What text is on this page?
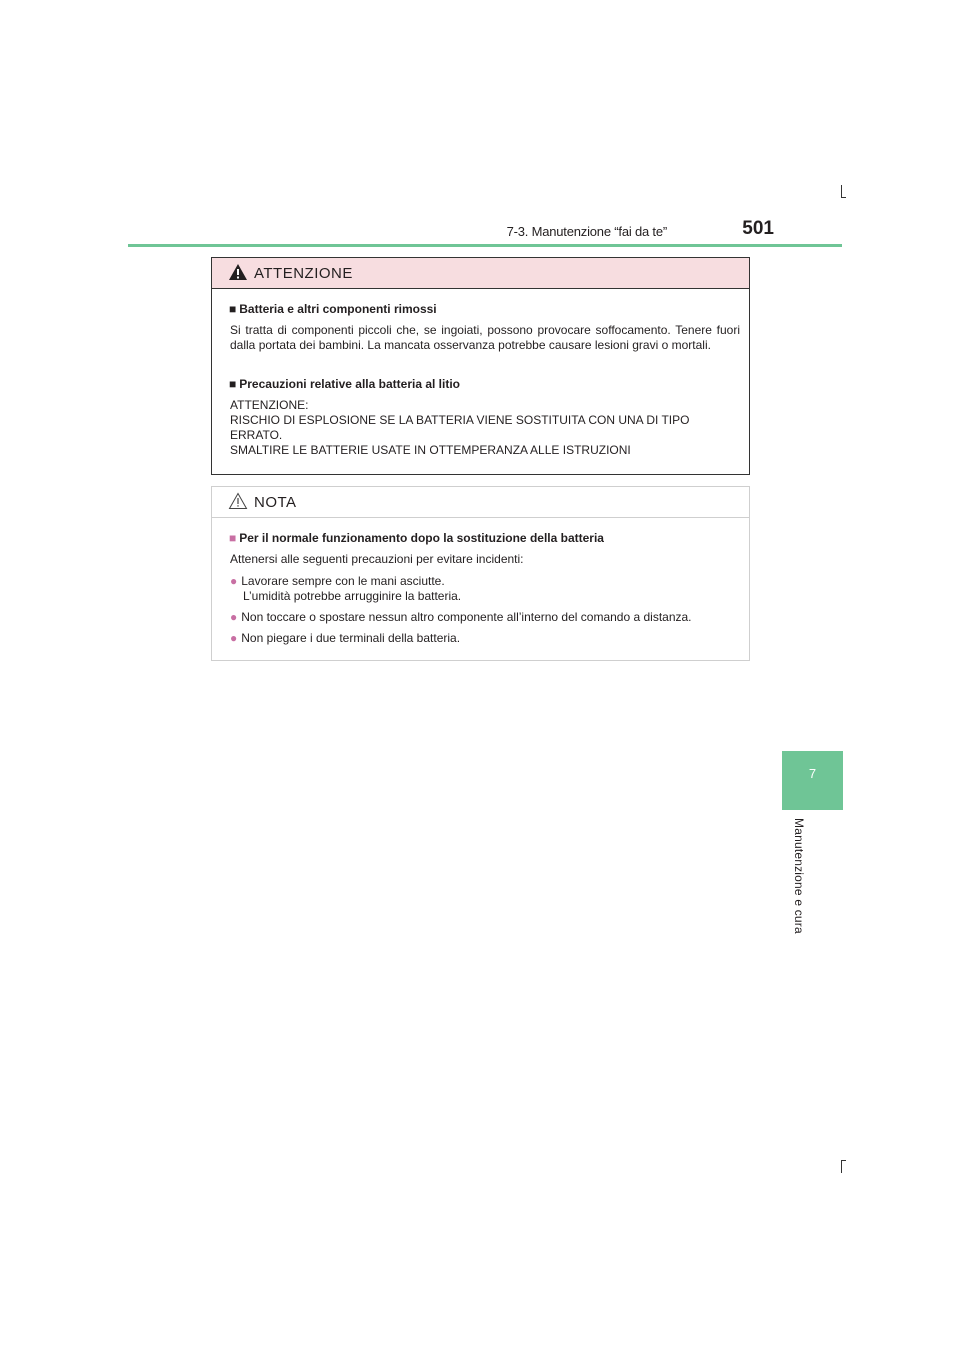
7-3. Manutenzione “fai da te”	501
7
Manutenzione e cura
ATTENZIONE
■ Batteria e altri componenti rimossi
Si tratta di componenti piccoli che, se ingoiati, possono provocare soffocamento. Tenere fuori dalla portata dei bambini. La mancata osservanza potrebbe causare lesioni gravi o mortali.
■ Precauzioni relative alla batteria al litio
ATTENZIONE:
RISCHIO DI ESPLOSIONE SE LA BATTERIA VIENE SOSTITUITA CON UNA DI TIPO ERRATO.
SMALTIRE LE BATTERIE USATE IN OTTEMPERANZA ALLE ISTRUZIONI
NOTA
■ Per il normale funzionamento dopo la sostituzione della batteria
Attenersi alle seguenti precauzioni per evitare incidenti:
● Lavorare sempre con le mani asciutte.
L’umidità potrebbe arrugginire la batteria.
● Non toccare o spostare nessun altro componente all’interno del comando a distanza.
● Non piegare i due terminali della batteria.
